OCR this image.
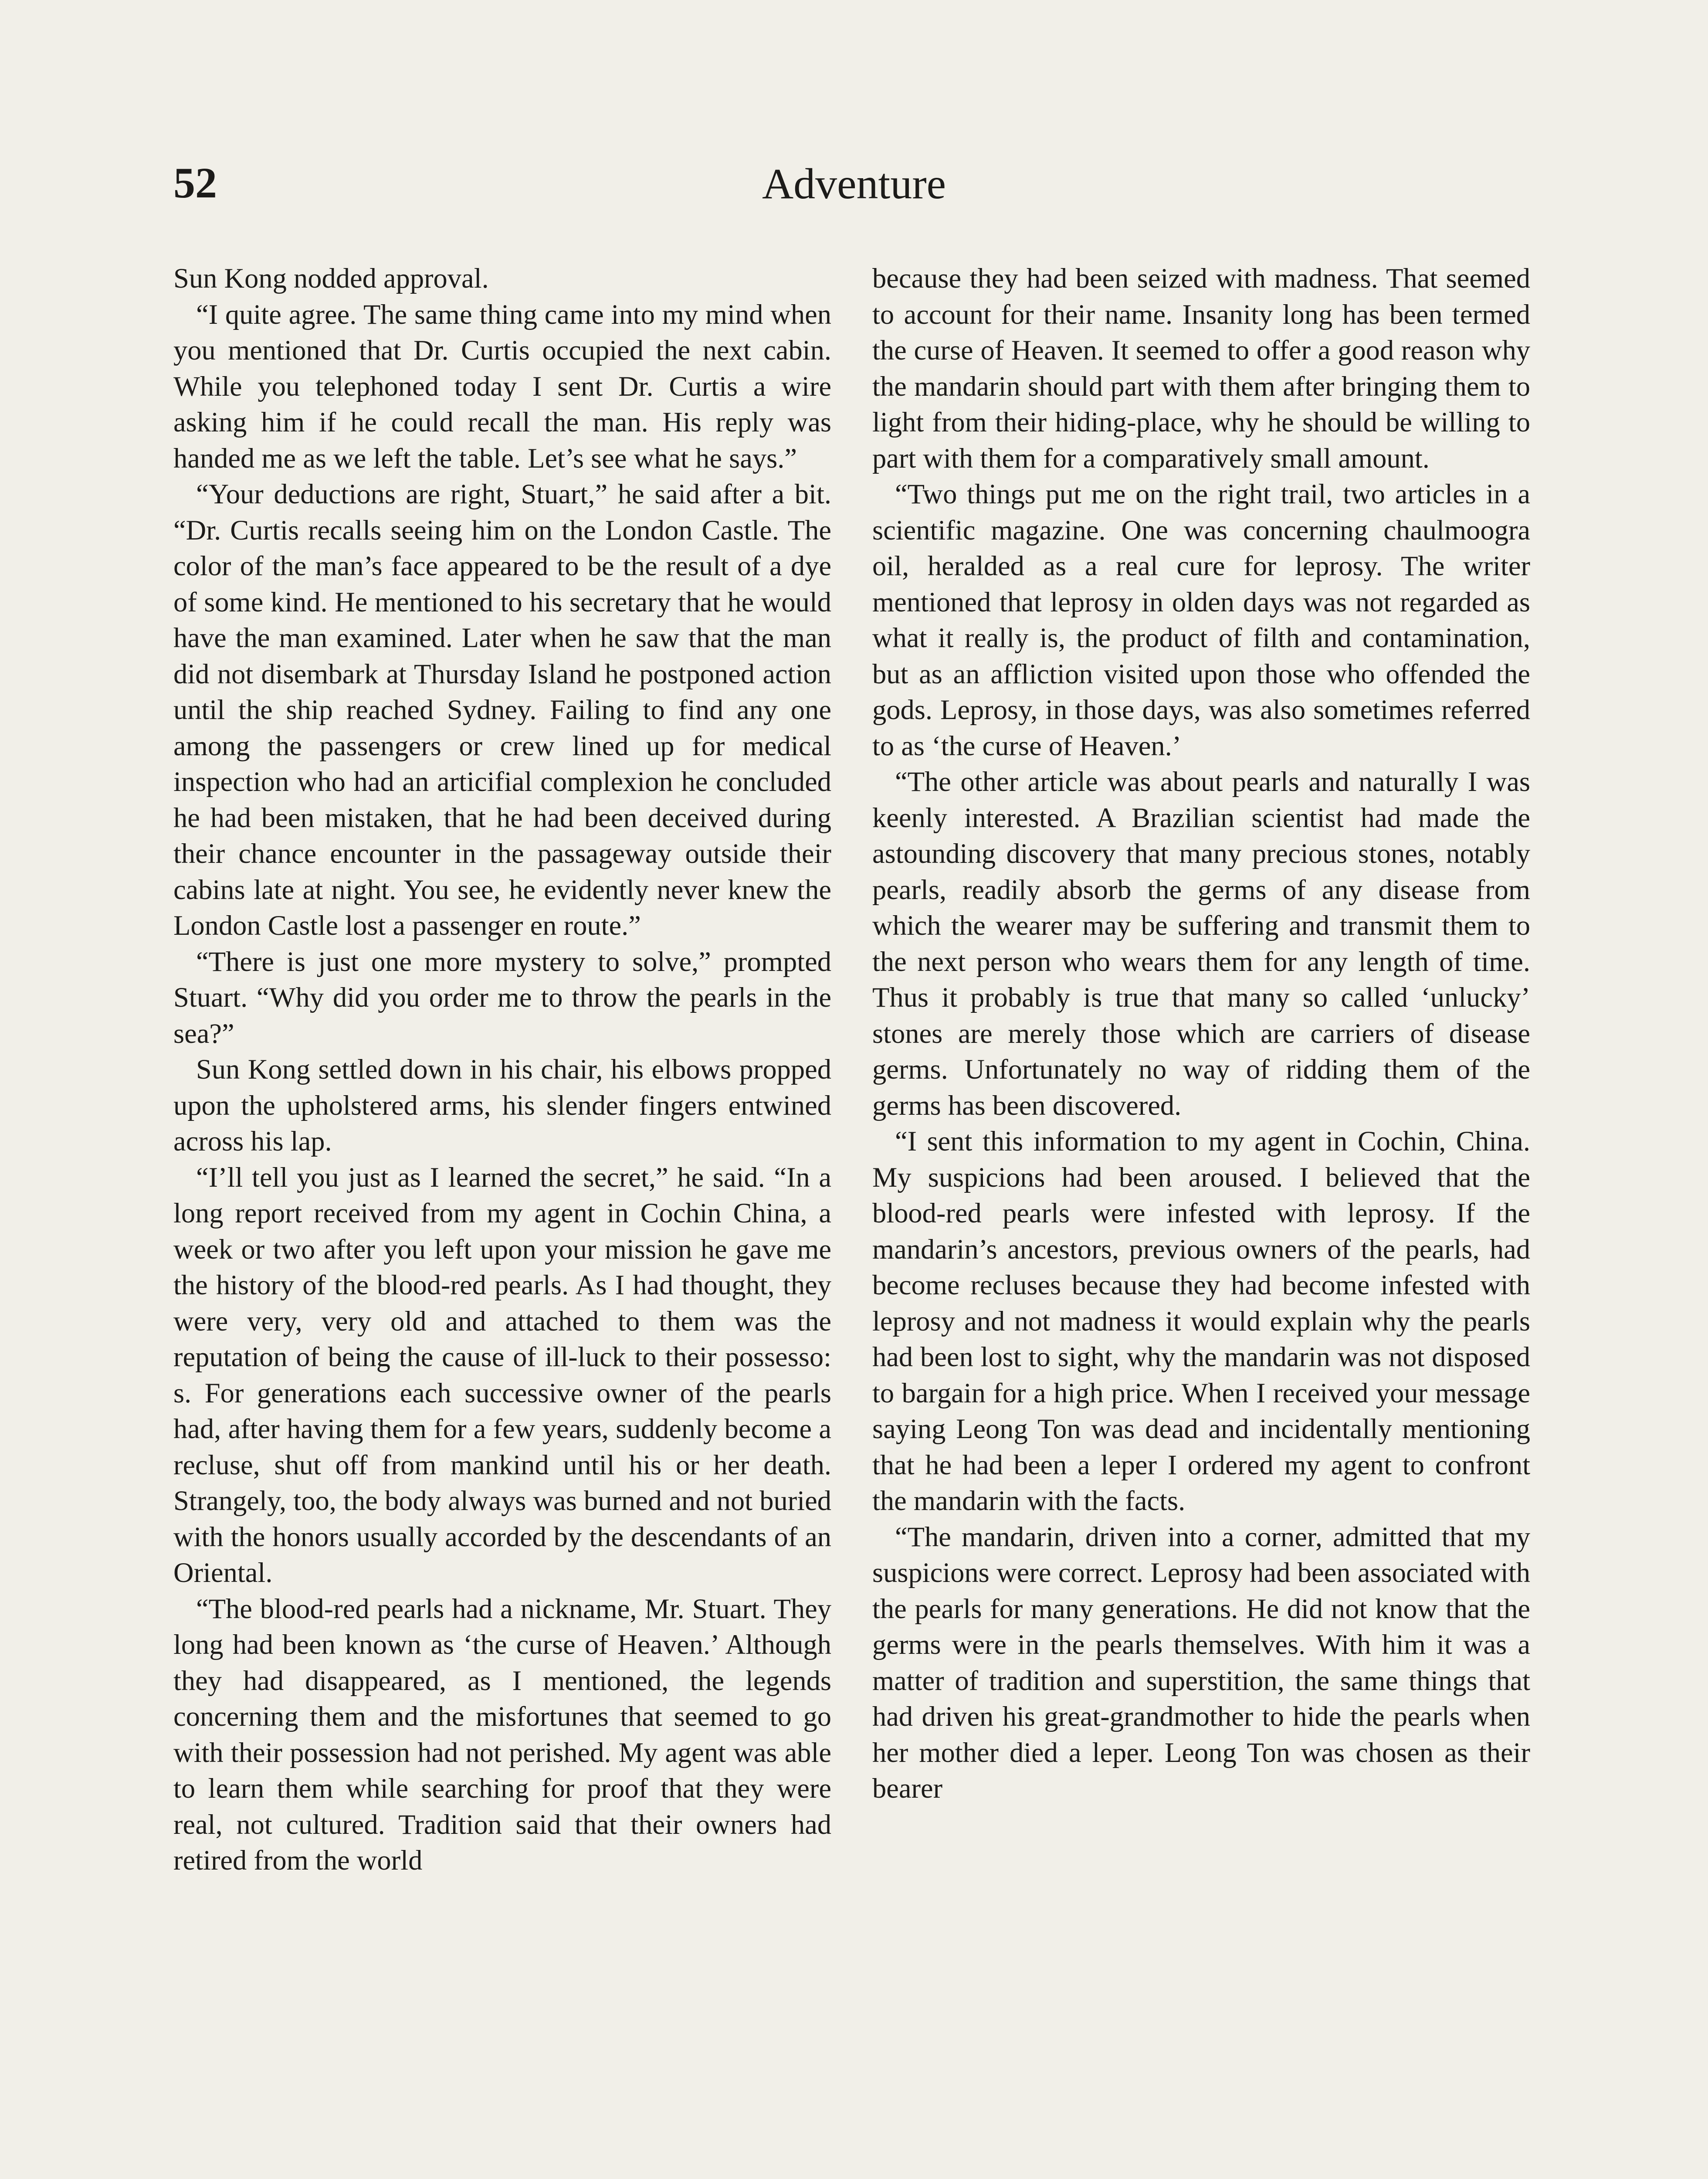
52	Adventure

Sun Kong nodded approval.

“I quite agree. The same thing came into my mind when you mentioned that Dr. Curtis occupied the next cabin. While you telephoned today I sent Dr. Curtis a wire asking him if he could recall the man. His reply was handed me as we left the table. Let’s see what he says.”

“Your deductions are right, Stuart,” he said after a bit. “Dr. Curtis recalls seeing him on the London Castle. The color of the man’s face appeared to be the result of a dye of some kind. He mentioned to his secretary that he would have the man examined. Later when he saw that the man did not disembark at Thursday Island he postponed action until the ship reached Sydney. Failing to find any one among the passengers or crew lined up for medical inspection who had an articifial complexion he concluded he had been mistaken, that he had been deceived during their chance encounter in the passageway outside their cabins late at night. You see, he evidently never knew the London Castle lost a passenger en route.”

“There is just one more mystery to solve,” prompted Stuart. “Why did you order me to throw the pearls in the sea?”

Sun Kong settled down in his chair, his elbows propped upon the upholstered arms, his slender fingers entwined across his lap.

“I’ll tell you just as I learned the secret,” he said. “In a long report received from my agent in Cochin China, a week or two after you left upon your mission he gave me the history of the blood-red pearls. As I had thought, they were very, very old and attached to them was the reputation of being the cause of ill-luck to their possesso: s. For generations each successive owner of the pearls had, after having them for a few years, suddenly become a recluse, shut off from mankind until his or her death. Strangely, too, the body always was burned and not buried with the honors usually accorded by the descendants of an Oriental.

“The blood-red pearls had a nickname, Mr. Stuart. They long had been known as ‘the curse of Heaven.’ Although they had disappeared, as I mentioned, the legends concerning them and the misfortunes that seemed to go with their possession had not perished. My agent was able to learn them while searching for proof that they were real, not cultured. Tradition said that their owners had retired from the world

because they had been seized with madness. That seemed to account for their name. Insanity long has been termed the curse of Heaven. It seemed to offer a good reason why the mandarin should part with them after bringing them to light from their hiding-place, why he should be willing to part with them for a comparatively small amount.

“Two things put me on the right trail, two articles in a scientific magazine. One was concerning chaulmoogra oil, heralded as a real cure for leprosy. The writer mentioned that leprosy in olden days was not regarded as what it really is, the product of filth and contamination, but as an affliction visited upon those who offended the gods. Leprosy, in those days, was also sometimes referred to as ‘the curse of Heaven.’

“The other article was about pearls and naturally I was keenly interested. A Brazilian scientist had made the astounding discovery that many precious stones, notably pearls, readily absorb the germs of any disease from which the wearer may be suffering and transmit them to the next person who wears them for any length of time. Thus it probably is true that many so called ‘unlucky’ stones are merely those which are carriers of disease germs. Unfortunately no way of ridding them of the germs has been discovered.

“I sent this information to my agent in Cochin, China. My suspicions had been aroused. I believed that the blood-red pearls were infested with leprosy. If the mandarin’s ancestors, previous owners of the pearls, had become recluses because they had become infested with leprosy and not madness it would explain why the pearls had been lost to sight, why the mandarin was not disposed to bargain for a high price. When I received your message saying Leong Ton was dead and incidentally mentioning that he had been a leper I ordered my agent to confront the mandarin with the facts.

“The mandarin, driven into a corner, admitted that my suspicions were correct. Leprosy had been associated with the pearls for many generations. He did not know that the germs were in the pearls themselves. With him it was a matter of tradition and superstition, the same things that had driven his great-grandmother to hide the pearls when her mother died a leper. Leong Ton was chosen as their bearer
